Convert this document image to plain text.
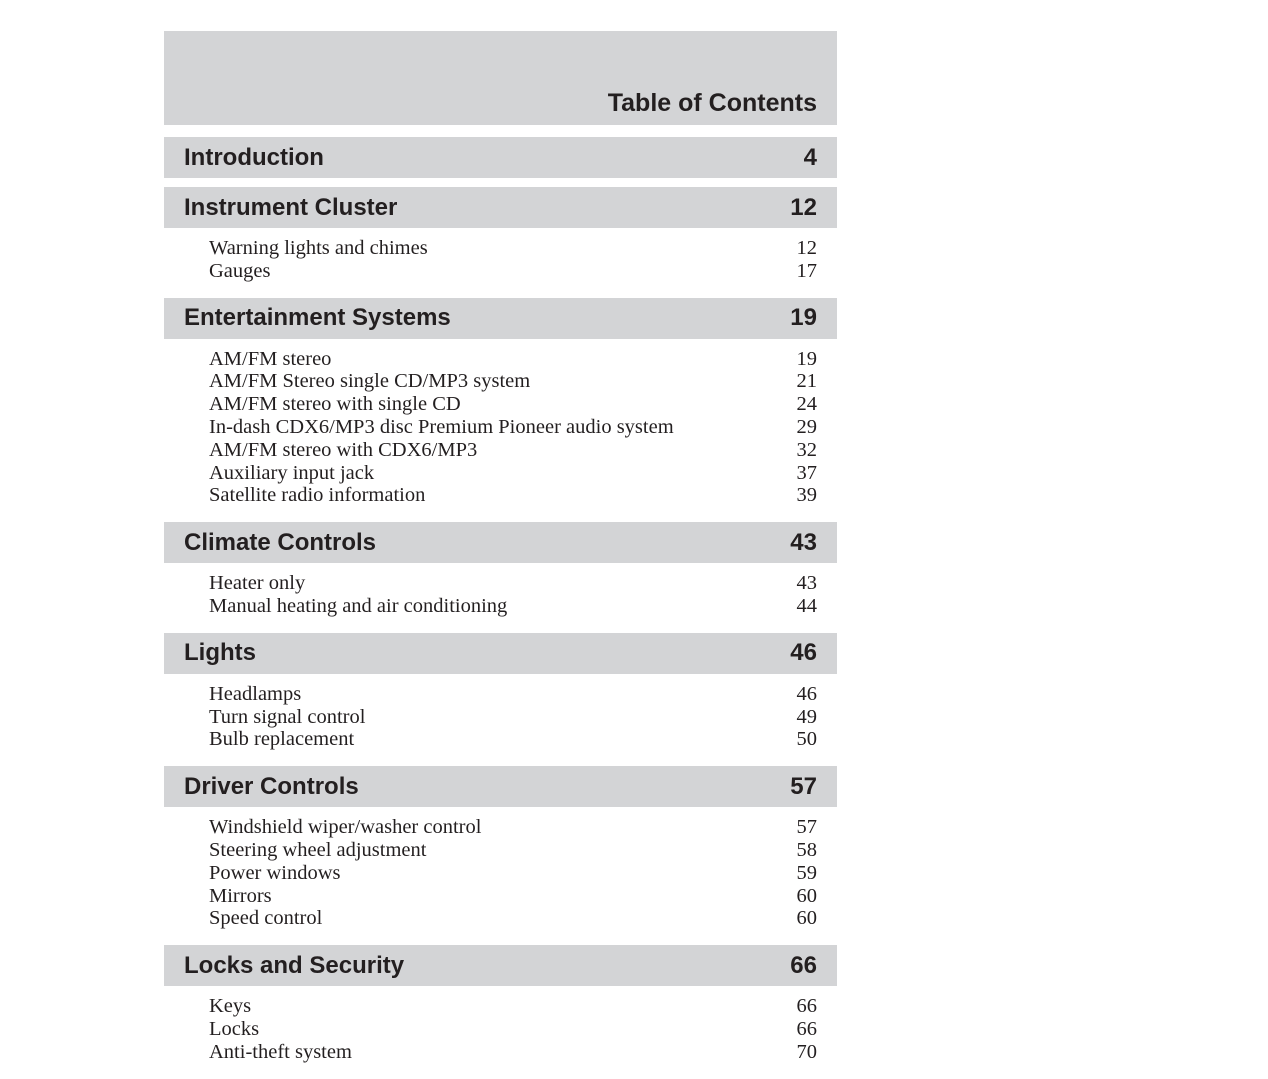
Table of Contents
Introduction	4
Instrument Cluster	12
Warning lights and chimes	12
Gauges	17
Entertainment Systems	19
AM/FM stereo	19
AM/FM Stereo single CD/MP3 system	21
AM/FM stereo with single CD	24
In-dash CDX6/MP3 disc Premium Pioneer audio system	29
AM/FM stereo with CDX6/MP3	32
Auxiliary input jack	37
Satellite radio information	39
Climate Controls	43
Heater only	43
Manual heating and air conditioning	44
Lights	46
Headlamps	46
Turn signal control	49
Bulb replacement	50
Driver Controls	57
Windshield wiper/washer control	57
Steering wheel adjustment	58
Power windows	59
Mirrors	60
Speed control	60
Locks and Security	66
Keys	66
Locks	66
Anti-theft system	70
